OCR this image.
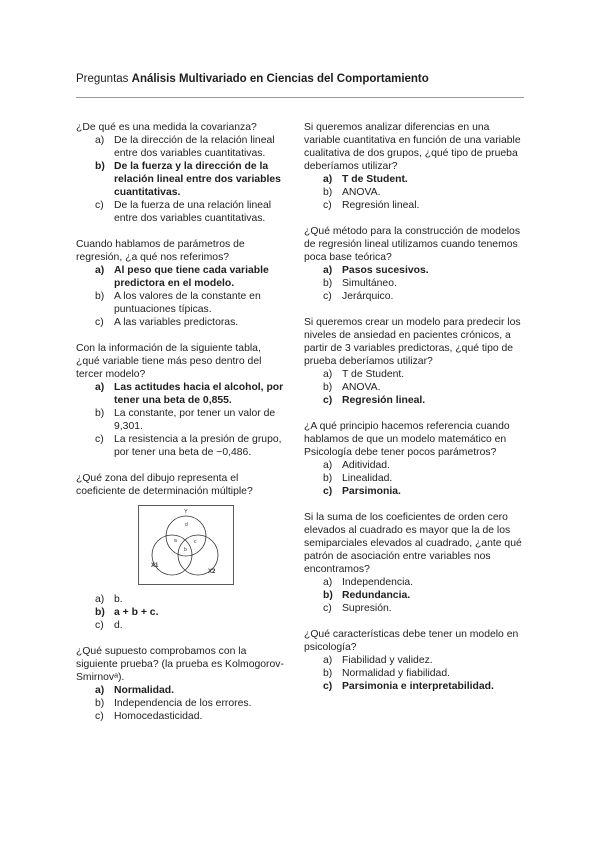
Preguntas Análisis Multivariado en Ciencias del Comportamiento

¿De qué es una medida la covarianza?

a) De la dirección de la relación lineal entre dos variables cuantitativas.
b) De la fuerza y la dirección de la relación lineal entre dos variables cuantitativas.
c) De la fuerza de una relación lineal entre dos variables cuantitativas.

Cuando hablamos de parámetros de regresión, ¿a qué nos referimos?

a) Al peso que tiene cada variable predictora en el modelo.
b) A los valores de la constante en puntuaciones típicas.
c) A las variables predictoras.

Con la información de la siguiente tabla, ¿qué variable tiene más peso dentro del tercer modelo?

a) Las actitudes hacia el alcohol, por tener una beta de 0,855.
b) La constante, por tener un valor de 9,301.
c) La resistencia a la presión de grupo, por tener una beta de −0,486.

¿Qué zona del dibujo representa el coeficiente de determinación múltiple?

Y
X1
X2
a
b
c
d
a) b.
b) a + b + c.
c) d.

¿Qué supuesto comprobamos con la siguiente prueba? (la prueba es Kolmogorov-Smirnovᵃ).

a) Normalidad.
b) Independencia de los errores.
c) Homocedasticidad.

Si queremos analizar diferencias en una variable cuantitativa en función de una variable cualitativa de dos grupos, ¿qué tipo de prueba deberíamos utilizar?

a) T de Student.
b) ANOVA.
c) Regresión lineal.

¿Qué método para la construcción de modelos de regresión lineal utilizamos cuando tenemos poca base teórica?

a) Pasos sucesivos.
b) Simultáneo.
c) Jerárquico.

Si queremos crear un modelo para predecir los niveles de ansiedad en pacientes crónicos, a partir de 3 variables predictoras, ¿qué tipo de prueba deberíamos utilizar?

a) T de Student.
b) ANOVA.
c) Regresión lineal.

¿A qué principio hacemos referencia cuando hablamos de que un modelo matemático en Psicología debe tener pocos parámetros?

a) Aditividad.
b) Linealidad.
c) Parsimonia.

Si la suma de los coeficientes de orden cero elevados al cuadrado es mayor que la de los semiparciales elevados al cuadrado, ¿ante qué patrón de asociación entre variables nos encontramos?

a) Independencia.
b) Redundancia.
c) Supresión.

¿Qué características debe tener un modelo en psicología?

a) Fiabilidad y validez.
b) Normalidad y fiabilidad.
c) Parsimonia e interpretabilidad.
